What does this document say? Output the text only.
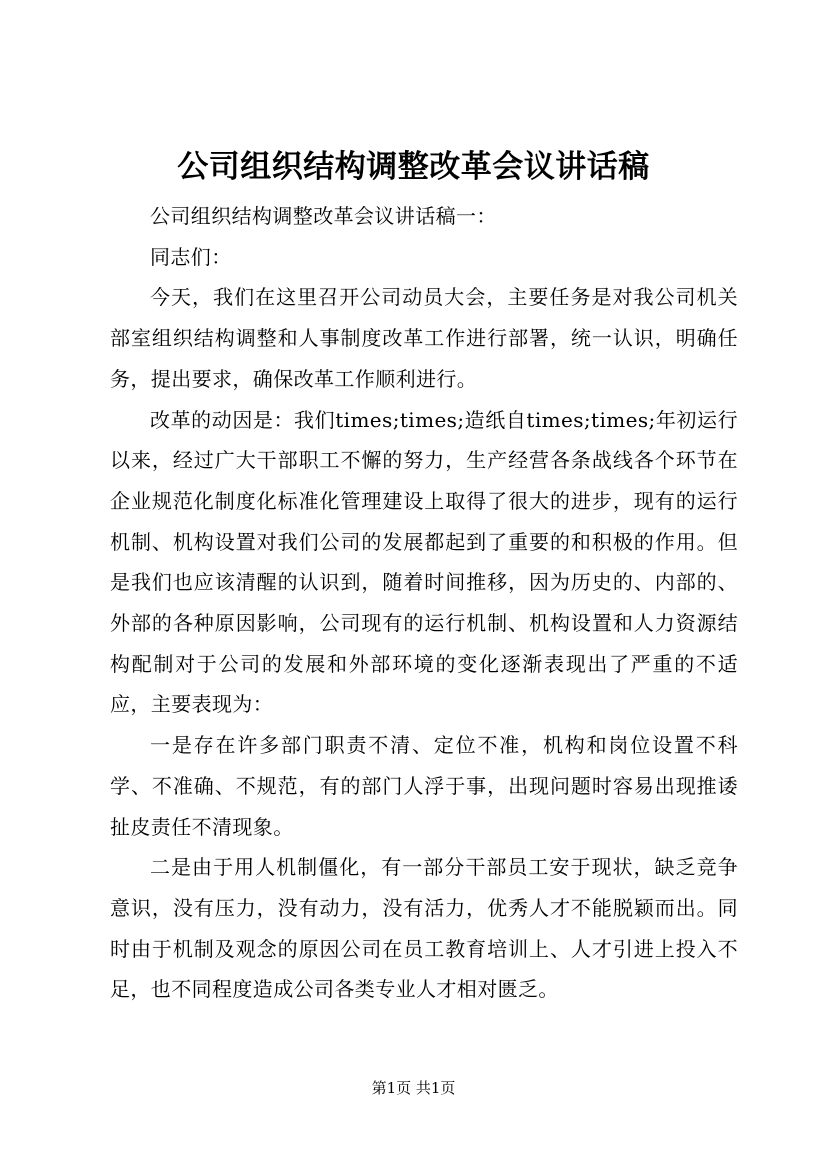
公司组织结构调整改革会议讲话稿

公司组织结构调整改革会议讲话稿一：

同志们：

今天，我们在这里召开公司动员大会，主要任务是对我公司机关部室组织结构调整和人事制度改革工作进行部署，统一认识，明确任务，提出要求，确保改革工作顺利进行。

改革的动因是：我们times;times;造纸自times;times;年初运行以来，经过广大干部职工不懈的努力，生产经营各条战线各个环节在企业规范化制度化标准化管理建设上取得了很大的进步，现有的运行机制、机构设置对我们公司的发展都起到了重要的和积极的作用。但是我们也应该清醒的认识到，随着时间推移，因为历史的、内部的、外部的各种原因影响，公司现有的运行机制、机构设置和人力资源结构配制对于公司的发展和外部环境的变化逐渐表现出了严重的不适应，主要表现为：

一是存在许多部门职责不清、定位不准，机构和岗位设置不科学、不准确、不规范，有的部门人浮于事，出现问题时容易出现推诿扯皮责任不清现象。

二是由于用人机制僵化，有一部分干部员工安于现状，缺乏竞争意识，没有压力，没有动力，没有活力，优秀人才不能脱颖而出。同时由于机制及观念的原因公司在员工教育培训上、人才引进上投入不足，也不同程度造成公司各类专业人才相对匮乏。

第1页 共1页
